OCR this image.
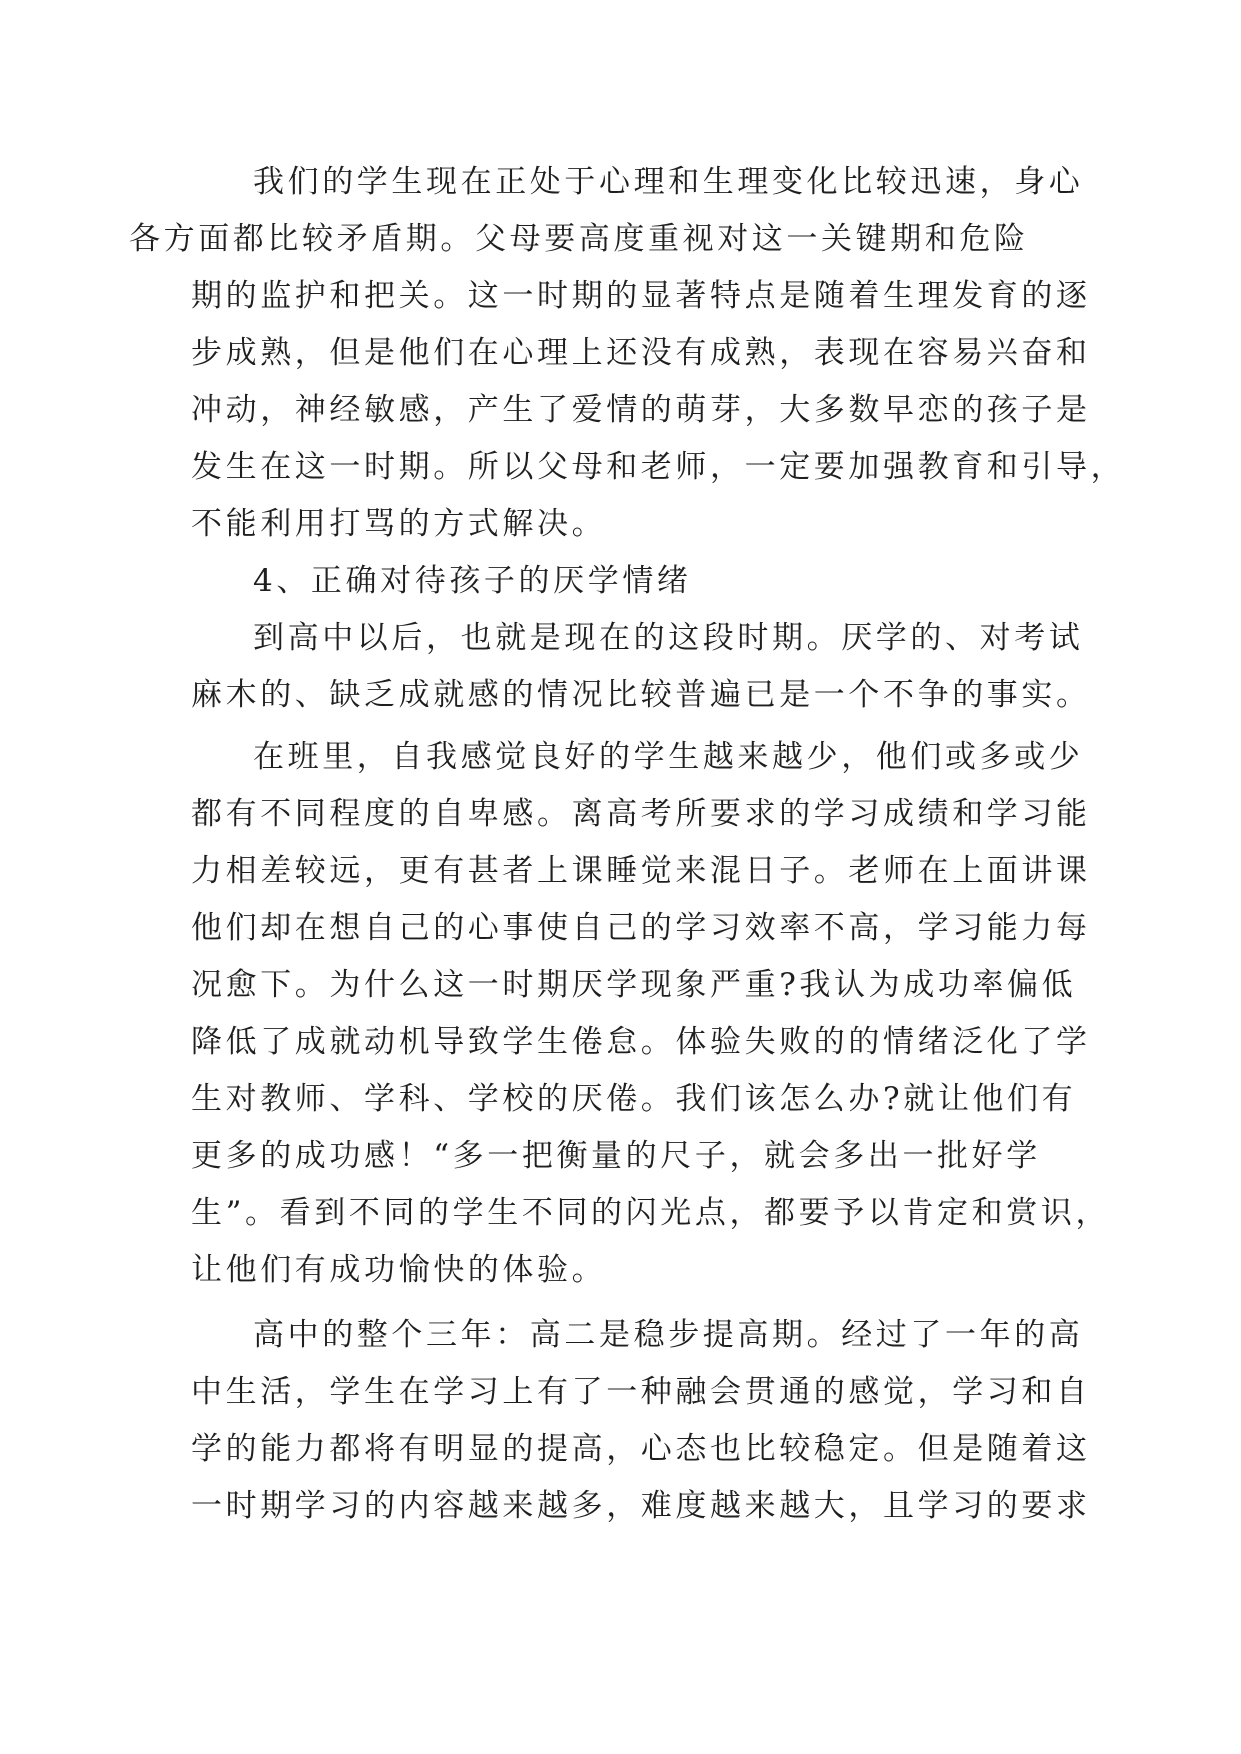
我们的学生现在正处于心理和生理变化比较迅速，身心
各方面都比较矛盾期。父母要高度重视对这一关键期和危险
期的监护和把关。这一时期的显著特点是随着生理发育的逐
步成熟，但是他们在心理上还没有成熟，表现在容易兴奋和
冲动，神经敏感，产生了爱情的萌芽，大多数早恋的孩子是
发生在这一时期。所以父母和老师，一定要加强教育和引导，
不能利用打骂的方式解决。

4、正确对待孩子的厌学情绪

到高中以后，也就是现在的这段时期。厌学的、对考试
麻木的、缺乏成就感的情况比较普遍已是一个不争的事实。

在班里，自我感觉良好的学生越来越少，他们或多或少
都有不同程度的自卑感。离高考所要求的学习成绩和学习能
力相差较远，更有甚者上课睡觉来混日子。老师在上面讲课
他们却在想自己的心事使自己的学习效率不高，学习能力每
况愈下。为什么这一时期厌学现象严重?我认为成功率偏低
降低了成就动机导致学生倦怠。体验失败的的情绪泛化了学
生对教师、学科、学校的厌倦。我们该怎么办?就让他们有
更多的成功感！“多一把衡量的尺子，就会多出一批好学
生”。看到不同的学生不同的闪光点，都要予以肯定和赏识，
让他们有成功愉快的体验。

高中的整个三年：高二是稳步提高期。经过了一年的高
中生活，学生在学习上有了一种融会贯通的感觉，学习和自
学的能力都将有明显的提高，心态也比较稳定。但是随着这
一时期学习的内容越来越多，难度越来越大，且学习的要求
